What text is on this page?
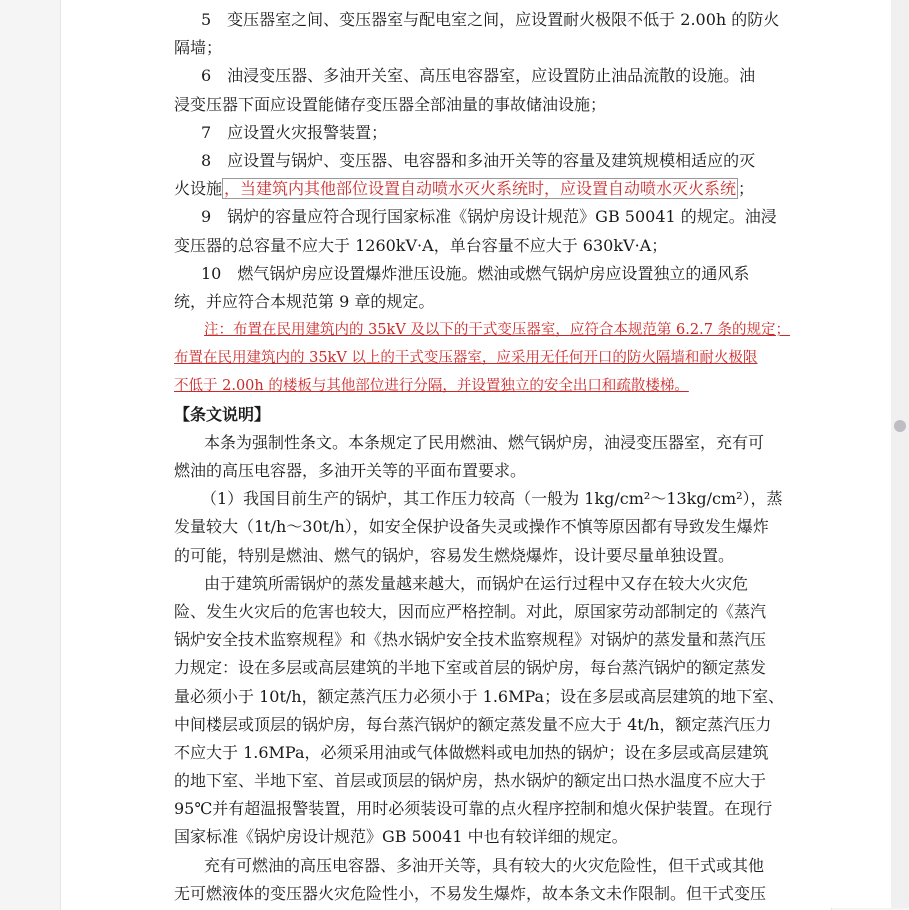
5　变压器室之间、变压器室与配电室之间，应设置耐火极限不低于 2.00h 的防火
隔墙；
6　油浸变压器、多油开关室、高压电容器室，应设置防止油品流散的设施。油
浸变压器下面应设置能储存变压器全部油量的事故储油设施；
7　应设置火灾报警装置；
8　应设置与锅炉、变压器、电容器和多油开关等的容量及建筑规模相适应的灭
火设施 ，当建筑内其他部位设置自动喷水灭火系统时，应设置自动喷水灭火系统 ；
9　锅炉的容量应符合现行国家标准《锅炉房设计规范》GB 50041 的规定。油浸
变压器的总容量不应大于 1260kV·A，单台容量不应大于 630kV·A；
10　燃气锅炉房应设置爆炸泄压设施。燃油或燃气锅炉房应设置独立的通风系
统，并应符合本规范第 9 章的规定。
注：布置在民用建筑内的 35kV 及以下的干式变压器室，应符合本规范第 6.2.7 条的规定；
布置在民用建筑内的 35kV 以上的干式变压器室，应采用无任何开口的防火隔墙和耐火极限
不低于 2.00h 的楼板与其他部位进行分隔，并设置独立的安全出口和疏散楼梯。
【条文说明】
本条为强制性条文。本条规定了民用燃油、燃气锅炉房，油浸变压器室，充有可
燃油的高压电容器，多油开关等的平面布置要求。
（1）我国目前生产的锅炉，其工作压力较高（一般为 1kg/cm²～13kg/cm²），蒸
发量较大（1t/h～30t/h），如安全保护设备失灵或操作不慎等原因都有导致发生爆炸
的可能，特别是燃油、燃气的锅炉，容易发生燃烧爆炸，设计要尽量单独设置。
由于建筑所需锅炉的蒸发量越来越大，而锅炉在运行过程中又存在较大火灾危
险、发生火灾后的危害也较大，因而应严格控制。对此，原国家劳动部制定的《蒸汽
锅炉安全技术监察规程》和《热水锅炉安全技术监察规程》对锅炉的蒸发量和蒸汽压
力规定：设在多层或高层建筑的半地下室或首层的锅炉房，每台蒸汽锅炉的额定蒸发
量必须小于 10t/h，额定蒸汽压力必须小于 1.6MPa；设在多层或高层建筑的地下室、
中间楼层或顶层的锅炉房，每台蒸汽锅炉的额定蒸发量不应大于 4t/h，额定蒸汽压力
不应大于 1.6MPa，必须采用油或气体做燃料或电加热的锅炉；设在多层或高层建筑
的地下室、半地下室、首层或顶层的锅炉房，热水锅炉的额定出口热水温度不应大于
95℃并有超温报警装置，用时必须装设可靠的点火程序控制和熄火保护装置。在现行
国家标准《锅炉房设计规范》GB 50041 中也有较详细的规定。
充有可燃油的高压电容器、多油开关等，具有较大的火灾危险性，但干式或其他
无可燃液体的变压器火灾危险性小，不易发生爆炸，故本条文未作限制。但干式变压
